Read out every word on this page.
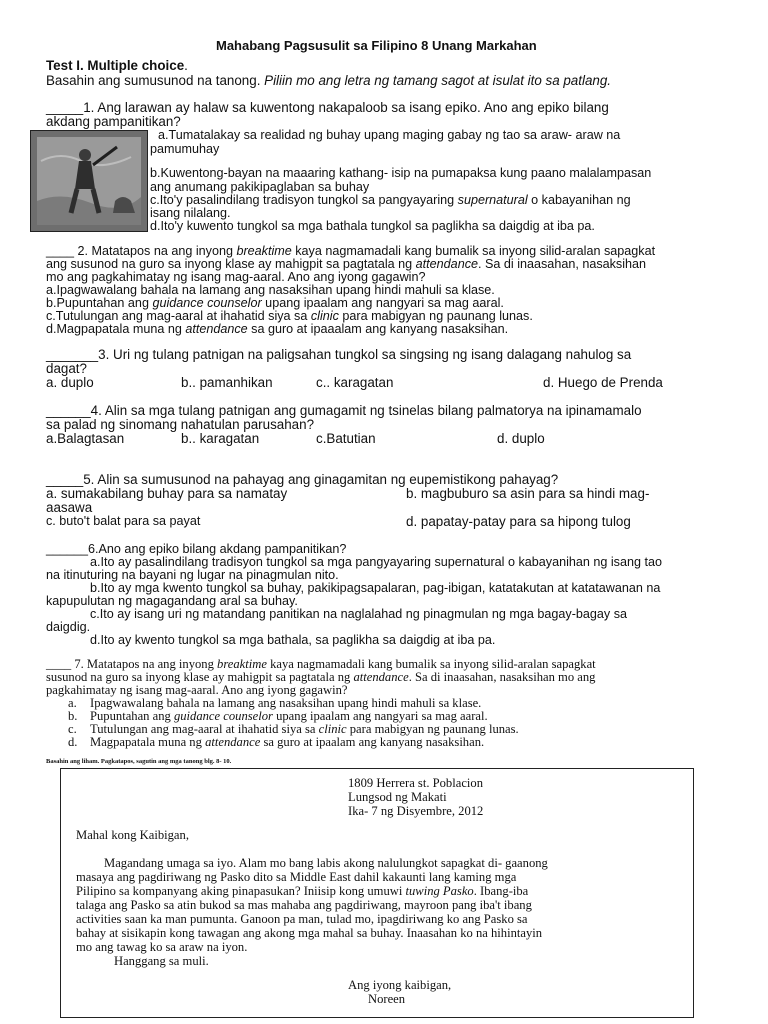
Mahabang Pagsusulit sa Filipino 8 Unang Markahan
Test I. Multiple choice.
Basahin ang sumusunod na tanong. Piliin mo ang letra ng tamang sagot at isulat ito sa patlang.
_____1. Ang larawan ay halaw sa kuwentong nakapaloob sa isang epiko. Ano ang epiko bilang
akdang pampanitikan?
a.Tumatalakay sa realidad ng buhay upang maging gabay ng tao sa araw- araw na
pamumuhay
b.Kuwentong-bayan na maaaring kathang- isip na pumapaksa kung paano malalampasan
ang anumang pakikipaglaban sa buhay
c.Ito'y pasalindilang tradisyon tungkol sa pangyayaring supernatural o kabayanihan ng
isang nilalang.
d.Ito'y kuwento tungkol sa mga bathala tungkol sa paglikha sa daigdig at iba pa.
____ 2. Matatapos na ang inyong breaktime kaya nagmamadali kang bumalik sa inyong silid-aralan sapagkat
ang susunod na guro sa inyong klase ay mahigpit sa pagtatala ng attendance. Sa di inaasahan, nasaksihan
mo ang pagkahimatay ng isang mag-aaral. Ano ang iyong gagawin?
a.Ipagwawalang bahala na lamang ang nasaksihan upang hindi mahuli sa klase.
b.Pupuntahan ang guidance counselor upang ipaalam ang nangyari sa mag aaral.
c.Tutulungan ang mag-aaral at ihahatid siya sa clinic para mabigyan ng paunang lunas.
d.Magpapatala muna ng attendance sa guro at ipaaalam ang kanyang nasaksihan.
_______3. Uri ng tulang patnigan na paligsahan tungkol sa singsing ng isang dalagang nahulog sa
dagat?
a. duplo	b.. pamanhikan	c.. karagatan	d. Huego de Prenda
______4. Alin sa mga tulang patnigan ang gumagamit ng tsinelas bilang palmatorya na ipinamamalo
sa palad ng sinomang nahatulan parusahan?
a.Balagtasan	b.. karagatan	c.Batutian	d. duplo
_____5. Alin sa sumusunod na pahayag ang ginagamitan ng eupemistikong pahayag?
a. sumakabilang buhay para sa namatay	b. magbuburo sa asin para sa hindi mag-
aasawa
c. buto't balat para sa payat	d. papatay-patay para sa hipong tulog
______6.Ano ang epiko bilang akdang pampanitikan?
a.Ito ay pasalindilang tradisyon tungkol sa mga pangyayaring supernatural o kabayanihan ng isang tao
na itinuturing na bayani ng lugar na pinagmulan nito.
b.Ito ay mga kwento tungkol sa buhay, pakikipagsapalaran, pag-ibigan, katatakutan at katatawanan na
kapupulutan ng magagandang aral sa buhay.
c.Ito ay isang uri ng matandang panitikan na naglalahad ng pinagmulan ng mga bagay-bagay sa
daigdig.
d.Ito ay kwento tungkol sa mga bathala, sa paglikha sa daigdig at iba pa.
____ 7. Matatapos na ang inyong breaktime kaya nagmamadali kang bumalik sa inyong silid-aralan sapagkat
susunod na guro sa inyong klase ay mahigpit sa pagtatala ng attendance. Sa di inaasahan, nasaksihan mo ang
pagkahimatay ng isang mag-aaral. Ano ang iyong gagawin?
a. Ipagwawalang bahala na lamang ang nasaksihan upang hindi mahuli sa klase.
b. Pupuntahan ang guidance counselor upang ipaalam ang nangyari sa mag aaral.
c. Tutulungan ang mag-aaral at ihahatid siya sa clinic para mabigyan ng paunang lunas.
d. Magpapatala muna ng attendance sa guro at ipaalam ang kanyang nasaksihan.
Basahin ang liham. Pagkatapos, sagutin ang mga tanong blg. 8- 10.
1809 Herrera st. Poblacion
Lungsod ng Makati
Ika- 7 ng Disyembre, 2012
Mahal kong Kaibigan,
Magandang umaga sa iyo. Alam mo bang labis akong nalulungkot sapagkat di- gaanong
masaya ang pagdiriwang ng Pasko dito sa Middle East dahil kakaunti lang kaming mga
Pilipino sa kompanyang aking pinapasukan? Iniisip kong umuwi tuwing Pasko. Ibang-iba
talaga ang Pasko sa atin bukod sa mas mahaba ang pagdiriwang, mayroon pang iba't ibang
activities saan ka man pumunta. Ganoon pa man, tulad mo, ipagdiriwang ko ang Pasko sa
bahay at sisikapin kong tawagan ang akong mga mahal sa buhay. Inaasahan ko na hihintayin
mo ang tawag ko sa araw na iyon.
Hanggang sa muli.
Ang iyong kaibigan,
Noreen
